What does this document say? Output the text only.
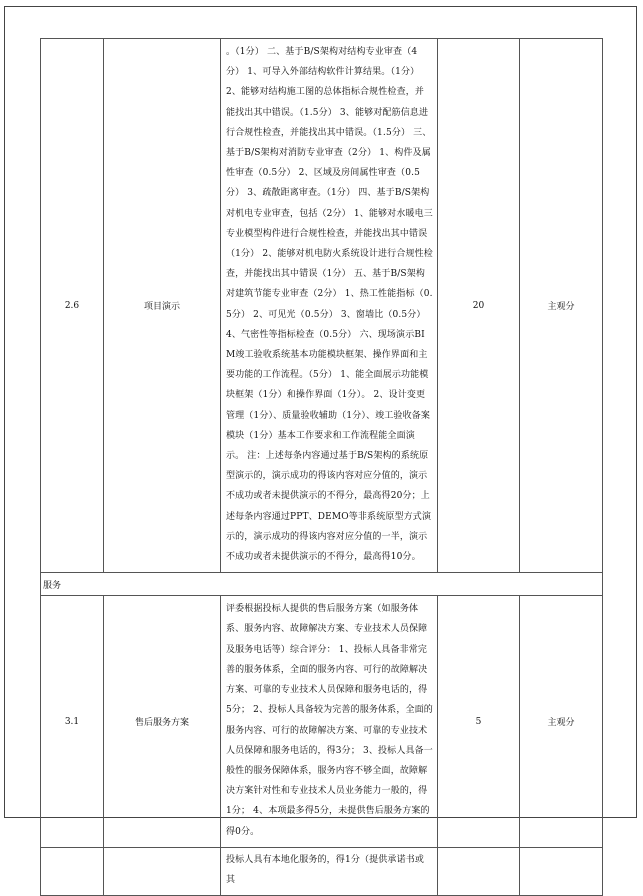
2.6	项目演示	。（1分） 二、基于B/S架构对结构专业审查（4分） 1、可导入外部结构软件计算结果。（1分） 2、能够对结构施工图的总体指标合规性检查，并能找出其中错误。（1.5分） 3、能够对配筋信息进行合规性检查，并能找出其中错误。（1.5分） 三、基于B/S架构对消防专业审查（2分） 1、构件及属性审查（0.5分） 2、区域及房间属性审查（0.5分） 3、疏散距离审查。（1分） 四、基于B/S架构对机电专业审查，包括（2分） 1、能够对水暖电三专业模型构件进行合规性检查，并能找出其中错误（1分） 2、能够对机电防火系统设计进行合规性检查，并能找出其中错误（1分） 五、基于B/S架构对建筑节能专业审查（2分） 1、热工性能指标（0.5分） 2、可见光（0.5分） 3、窗墙比（0.5分） 4、气密性等指标检查（0.5分） 六、现场演示BIM竣工验收系统基本功能模块框架、操作界面和主要功能的工作流程。（5分） 1、能全面展示功能模块框架（1分）和操作界面（1分）。 2、设计变更管理（1分）、质量验收辅助（1分）、竣工验收备案模块（1分）基本工作要求和工作流程能全面演示。 注：上述每条内容通过基于B/S架构的系统原型演示的，演示成功的得该内容对应分值的，演示不成功或者未提供演示的不得分，最高得20分；上述每条内容通过PPT、DEMO等非系统原型方式演示的，演示成功的得该内容对应分值的一半，演示不成功或者未提供演示的不得分，最高得10分。	20	主观分
服务				
3.1	售后服务方案	评委根据投标人提供的售后服务方案（如服务体系、服务内容、故障解决方案、专业技术人员保障及服务电话等）综合评分： 1、投标人具备非常完善的服务体系，全面的服务内容、可行的故障解决方案、可靠的专业技术人员保障和服务电话的，得5分； 2、投标人具备较为完善的服务体系，全面的服务内容、可行的故障解决方案、可靠的专业技术人员保障和服务电话的，得3分； 3、投标人具备一般性的服务保障体系，服务内容不够全面，故障解决方案针对性和专业技术人员业务能力一般的，得1分； 4、本项最多得5分，未提供售后服务方案的得0分。	5	主观分

		投标人具有本地化服务的，得1分（提供承诺书或其		
